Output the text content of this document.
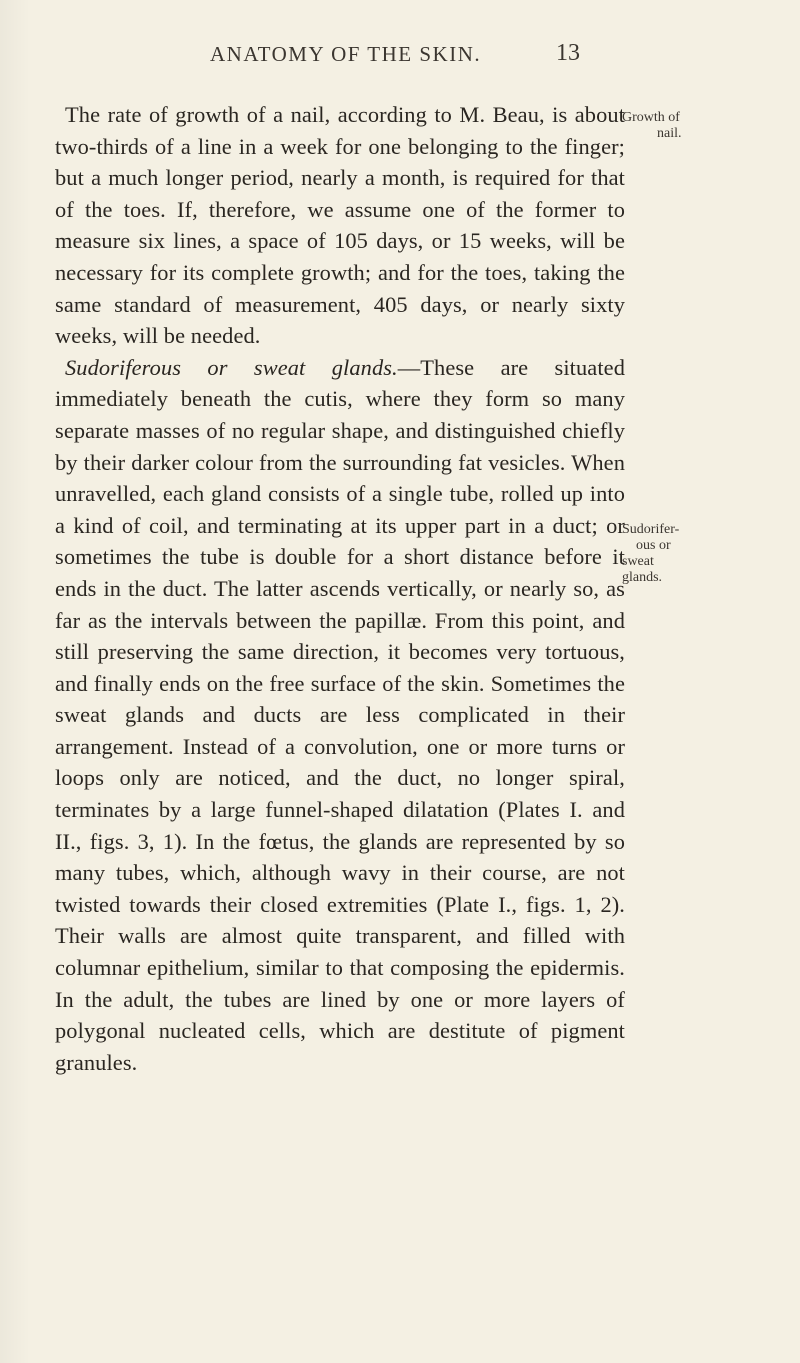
ANATOMY OF THE SKIN.	13
Growth of
nail.
Sudorifer-
ous or
sweat
glands.

The rate of growth of a nail, according to M. Beau, is about two-thirds of a line in a week for one belonging to the finger; but a much longer period, nearly a month, is required for that of the toes. If, therefore, we assume one of the former to measure six lines, a space of 105 days, or 15 weeks, will be necessary for its complete growth; and for the toes, taking the same standard of measurement, 405 days, or nearly sixty weeks, will be needed.

Sudoriferous or sweat glands.—These are situated immediately beneath the cutis, where they form so many separate masses of no regular shape, and distinguished chiefly by their darker colour from the surrounding fat vesicles. When unravelled, each gland consists of a single tube, rolled up into a kind of coil, and terminating at its upper part in a duct; or sometimes the tube is double for a short distance before it ends in the duct. The latter ascends vertically, or nearly so, as far as the intervals between the papillæ. From this point, and still preserving the same direction, it becomes very tortuous, and finally ends on the free surface of the skin. Sometimes the sweat glands and ducts are less complicated in their arrangement. Instead of a convolution, one or more turns or loops only are noticed, and the duct, no longer spiral, terminates by a large funnel-shaped dilatation (Plates I. and II., figs. 3, 1). In the fœtus, the glands are represented by so many tubes, which, although wavy in their course, are not twisted towards their closed extremities (Plate I., figs. 1, 2). Their walls are almost quite transparent, and filled with columnar epithelium, similar to that composing the epidermis. In the adult, the tubes are lined by one or more layers of polygonal nucleated cells, which are destitute of pigment granules.
